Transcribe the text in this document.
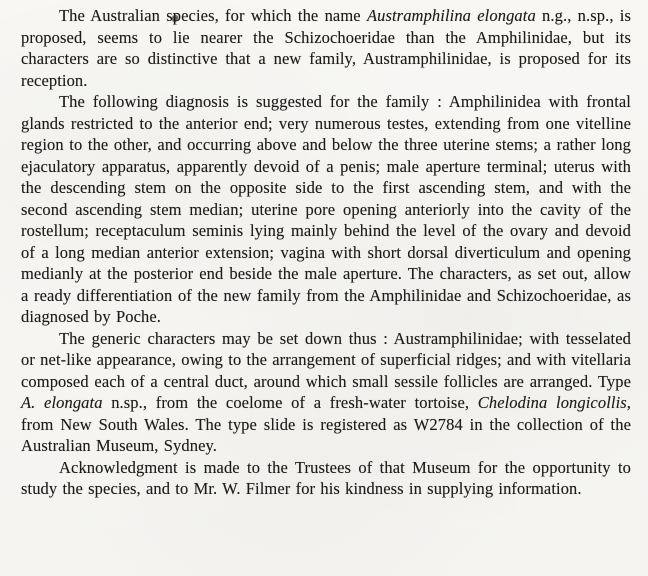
The Australian species, for which the name Austramphilina elongata n.g., n.sp., is proposed, seems to lie nearer the Schizochoeridae than the Amphilinidae, but its characters are so distinctive that a new family, Austramphilinidae, is proposed for its reception.

The following diagnosis is suggested for the family : Amphilinidea with frontal glands restricted to the anterior end; very numerous testes, extending from one vitelline region to the other, and occurring above and below the three uterine stems; a rather long ejaculatory apparatus, apparently devoid of a penis; male aperture terminal; uterus with the descending stem on the opposite side to the first ascending stem, and with the second ascending stem median; uterine pore opening anteriorly into the cavity of the rostellum; receptaculum seminis lying mainly behind the level of the ovary and devoid of a long median anterior extension; vagina with short dorsal diverticulum and opening medianly at the posterior end beside the male aperture. The characters, as set out, allow a ready differentiation of the new family from the Amphilinidae and Schizochoeridae, as diagnosed by Poche.

The generic characters may be set down thus : Austramphilinidae; with tesselated or net-like appearance, owing to the arrangement of superficial ridges; and with vitellaria composed each of a central duct, around which small sessile follicles are arranged. Type A. elongata n.sp., from the coelome of a fresh-water tortoise, Chelodina longicollis, from New South Wales. The type slide is registered as W2784 in the collection of the Australian Museum, Sydney.

Acknowledgment is made to the Trustees of that Museum for the opportunity to study the species, and to Mr. W. Filmer for his kindness in supplying information.
